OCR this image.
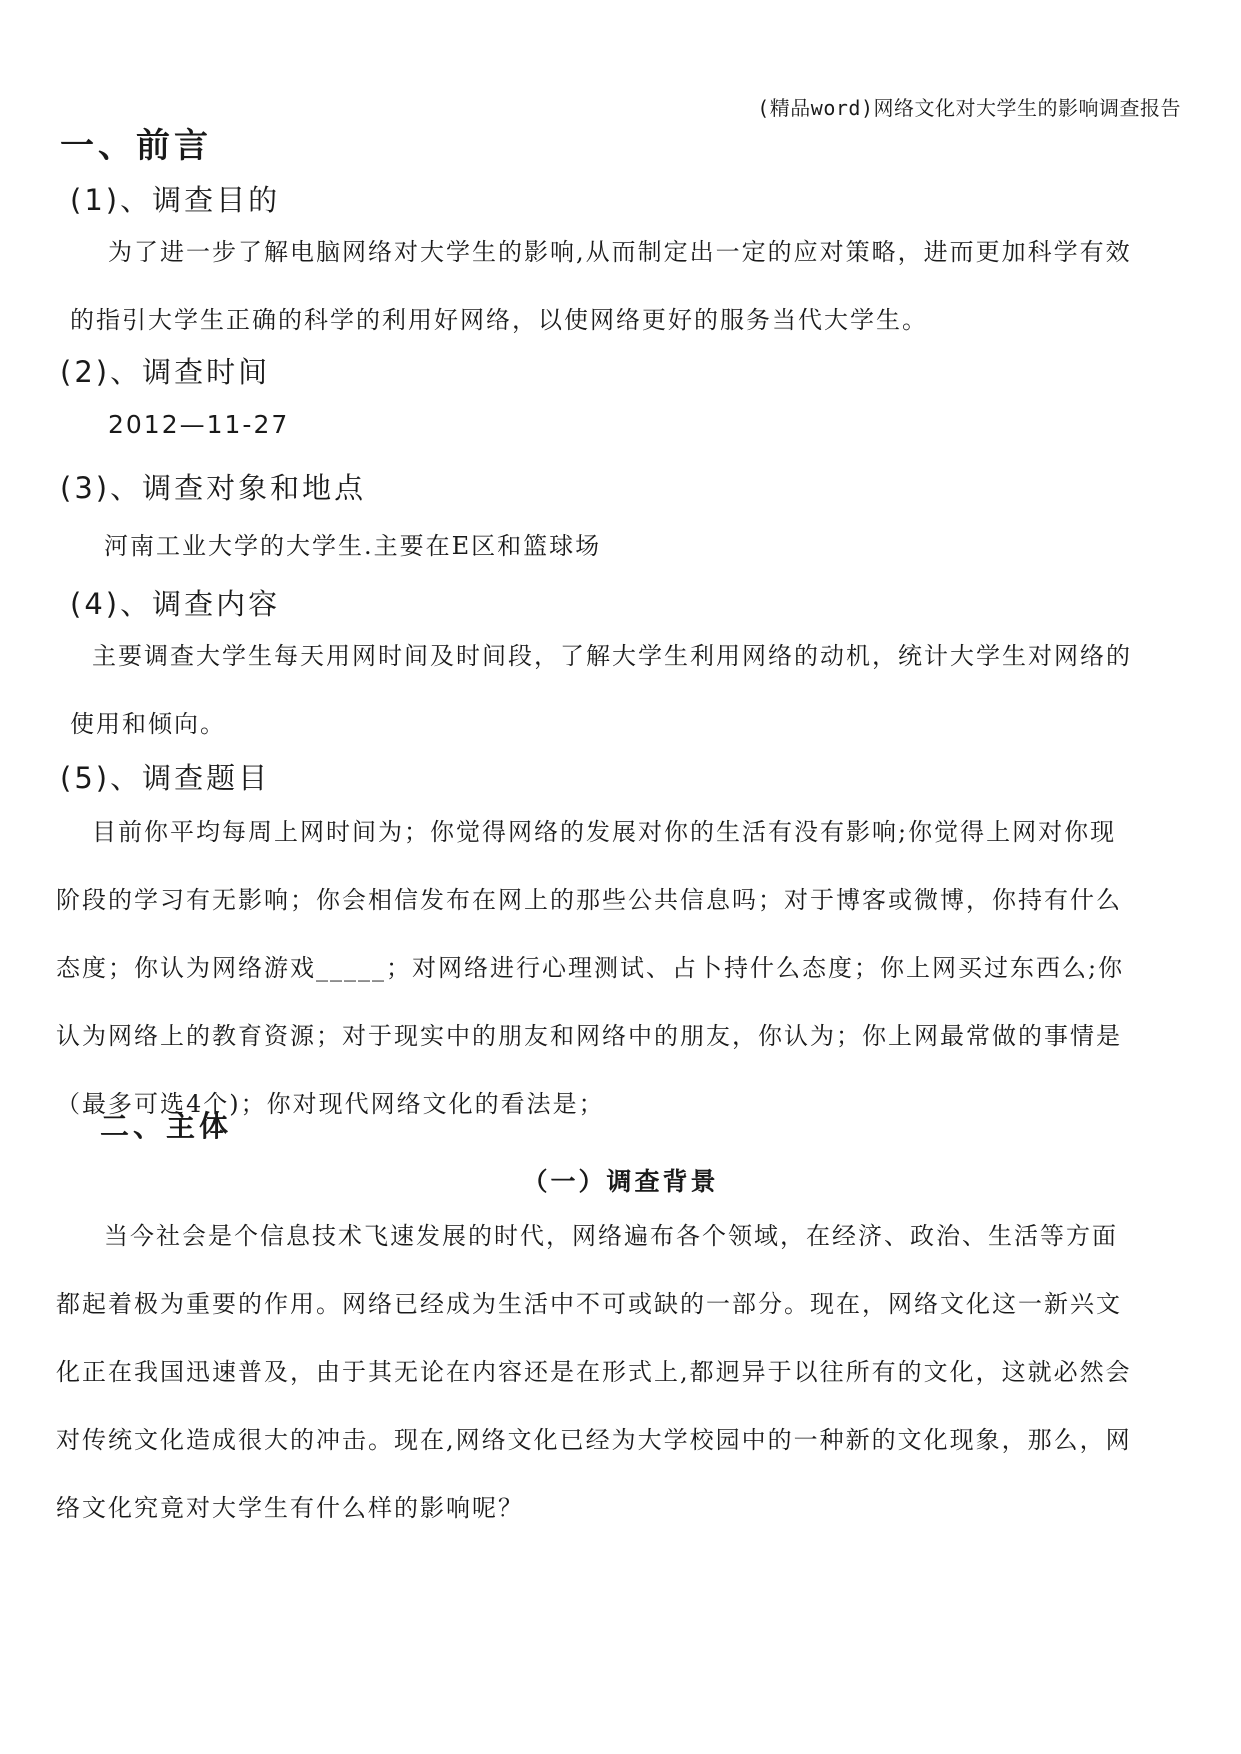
(精品word)网络文化对大学生的影响调查报告
一、前言
(1)、调查目的
为了进一步了解电脑网络对大学生的影响,从而制定出一定的应对策略，进而更加科学有效
的指引大学生正确的科学的利用好网络，以使网络更好的服务当代大学生。
(2)、调查时间
2012—11-27
(3)、调查对象和地点
河南工业大学的大学生.主要在E区和篮球场
(4)、调查内容
主要调查大学生每天用网时间及时间段，了解大学生利用网络的动机，统计大学生对网络的
使用和倾向。
(5)、调查题目
目前你平均每周上网时间为；你觉得网络的发展对你的生活有没有影响;你觉得上网对你现
阶段的学习有无影响；你会相信发布在网上的那些公共信息吗；对于博客或微博，你持有什么
态度；你认为网络游戏_____；对网络进行心理测试、占卜持什么态度；你上网买过东西么;你
认为网络上的教育资源；对于现实中的朋友和网络中的朋友，你认为；你上网最常做的事情是
（最多可选4个)；你对现代网络文化的看法是；
二、主体
（一）调查背景
当今社会是个信息技术飞速发展的时代，网络遍布各个领域，在经济、政治、生活等方面
都起着极为重要的作用。网络已经成为生活中不可或缺的一部分。现在，网络文化这一新兴文
化正在我国迅速普及，由于其无论在内容还是在形式上,都迥异于以往所有的文化，这就必然会
对传统文化造成很大的冲击。现在,网络文化已经为大学校园中的一种新的文化现象，那么，网
络文化究竟对大学生有什么样的影响呢？
